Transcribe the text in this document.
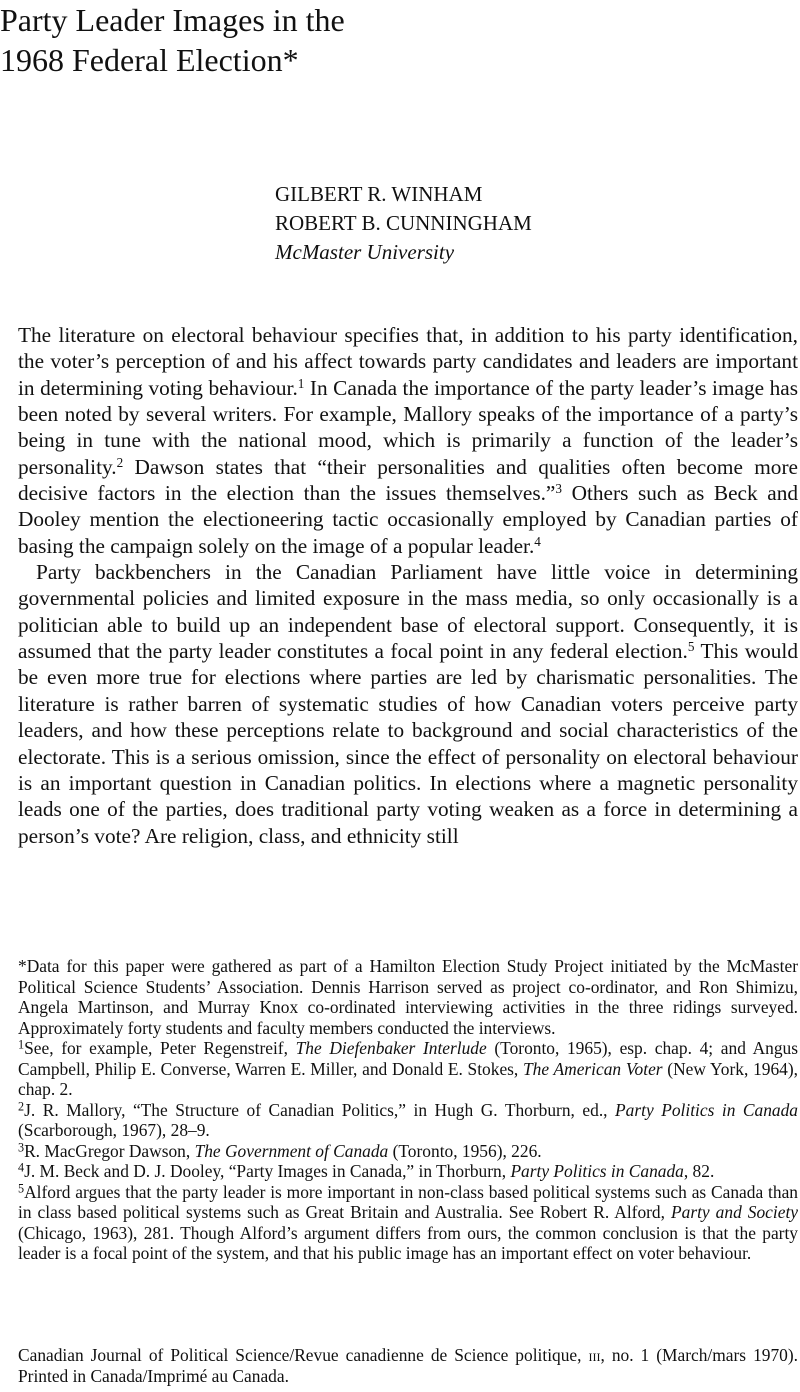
Party Leader Images in the
1968 Federal Election*
GILBERT R. WINHAM
ROBERT B. CUNNINGHAM
McMaster University

The literature on electoral behaviour specifies that, in addition to his party identification, the voter’s perception of and his affect towards party candidates and leaders are important in determining voting behaviour.$^1$ In Canada the importance of the party leader’s image has been noted by several writers. For example, Mallory speaks of the importance of a party’s being in tune with the national mood, which is primarily a function of the leader’s personality.$^2$ Dawson states that “their personalities and qualities often become more decisive factors in the election than the issues themselves.”$^3$ Others such as Beck and Dooley mention the electioneering tactic occasionally employed by Canadian parties of basing the campaign solely on the image of a popular leader.$^4$

Party backbenchers in the Canadian Parliament have little voice in determining governmental policies and limited exposure in the mass media, so only occasionally is a politician able to build up an independent base of electoral support. Consequently, it is assumed that the party leader constitutes a focal point in any federal election.$^5$ This would be even more true for elections where parties are led by charismatic personalities. The literature is rather barren of systematic studies of how Canadian voters perceive party leaders, and how these perceptions relate to background and social characteristics of the electorate. This is a serious omission, since the effect of personality on electoral behaviour is an important question in Canadian politics. In elections where a magnetic personality leads one of the parties, does traditional party voting weaken as a force in determining a person’s vote? Are religion, class, and ethnicity still

*Data for this paper were gathered as part of a Hamilton Election Study Project initiated by the McMaster Political Science Students’ Association. Dennis Harrison served as project co-ordinator, and Ron Shimizu, Angela Martinson, and Murray Knox co-ordinated interviewing activities in the three ridings surveyed. Approximately forty students and faculty members conducted the interviews.

$^1$See, for example, Peter Regenstreif, The Diefenbaker Interlude (Toronto, 1965), esp. chap. 4; and Angus Campbell, Philip E. Converse, Warren E. Miller, and Donald E. Stokes, The American Voter (New York, 1964), chap. 2.

$^2$J. R. Mallory, “The Structure of Canadian Politics,” in Hugh G. Thorburn, ed., Party Politics in Canada (Scarborough, 1967), 28–9.

$^3$R. MacGregor Dawson, The Government of Canada (Toronto, 1956), 226.

$^4$J. M. Beck and D. J. Dooley, “Party Images in Canada,” in Thorburn, Party Politics in Canada, 82.

$^5$Alford argues that the party leader is more important in non-class based political systems such as Canada than in class based political systems such as Great Britain and Australia. See Robert R. Alford, Party and Society (Chicago, 1963), 281. Though Alford’s argument differs from ours, the common conclusion is that the party leader is a focal point of the system, and that his public image has an important effect on voter behaviour.

Canadian Journal of Political Science/Revue canadienne de Science politique, iii, no. 1 (March/mars 1970). Printed in Canada/Imprimé au Canada.
